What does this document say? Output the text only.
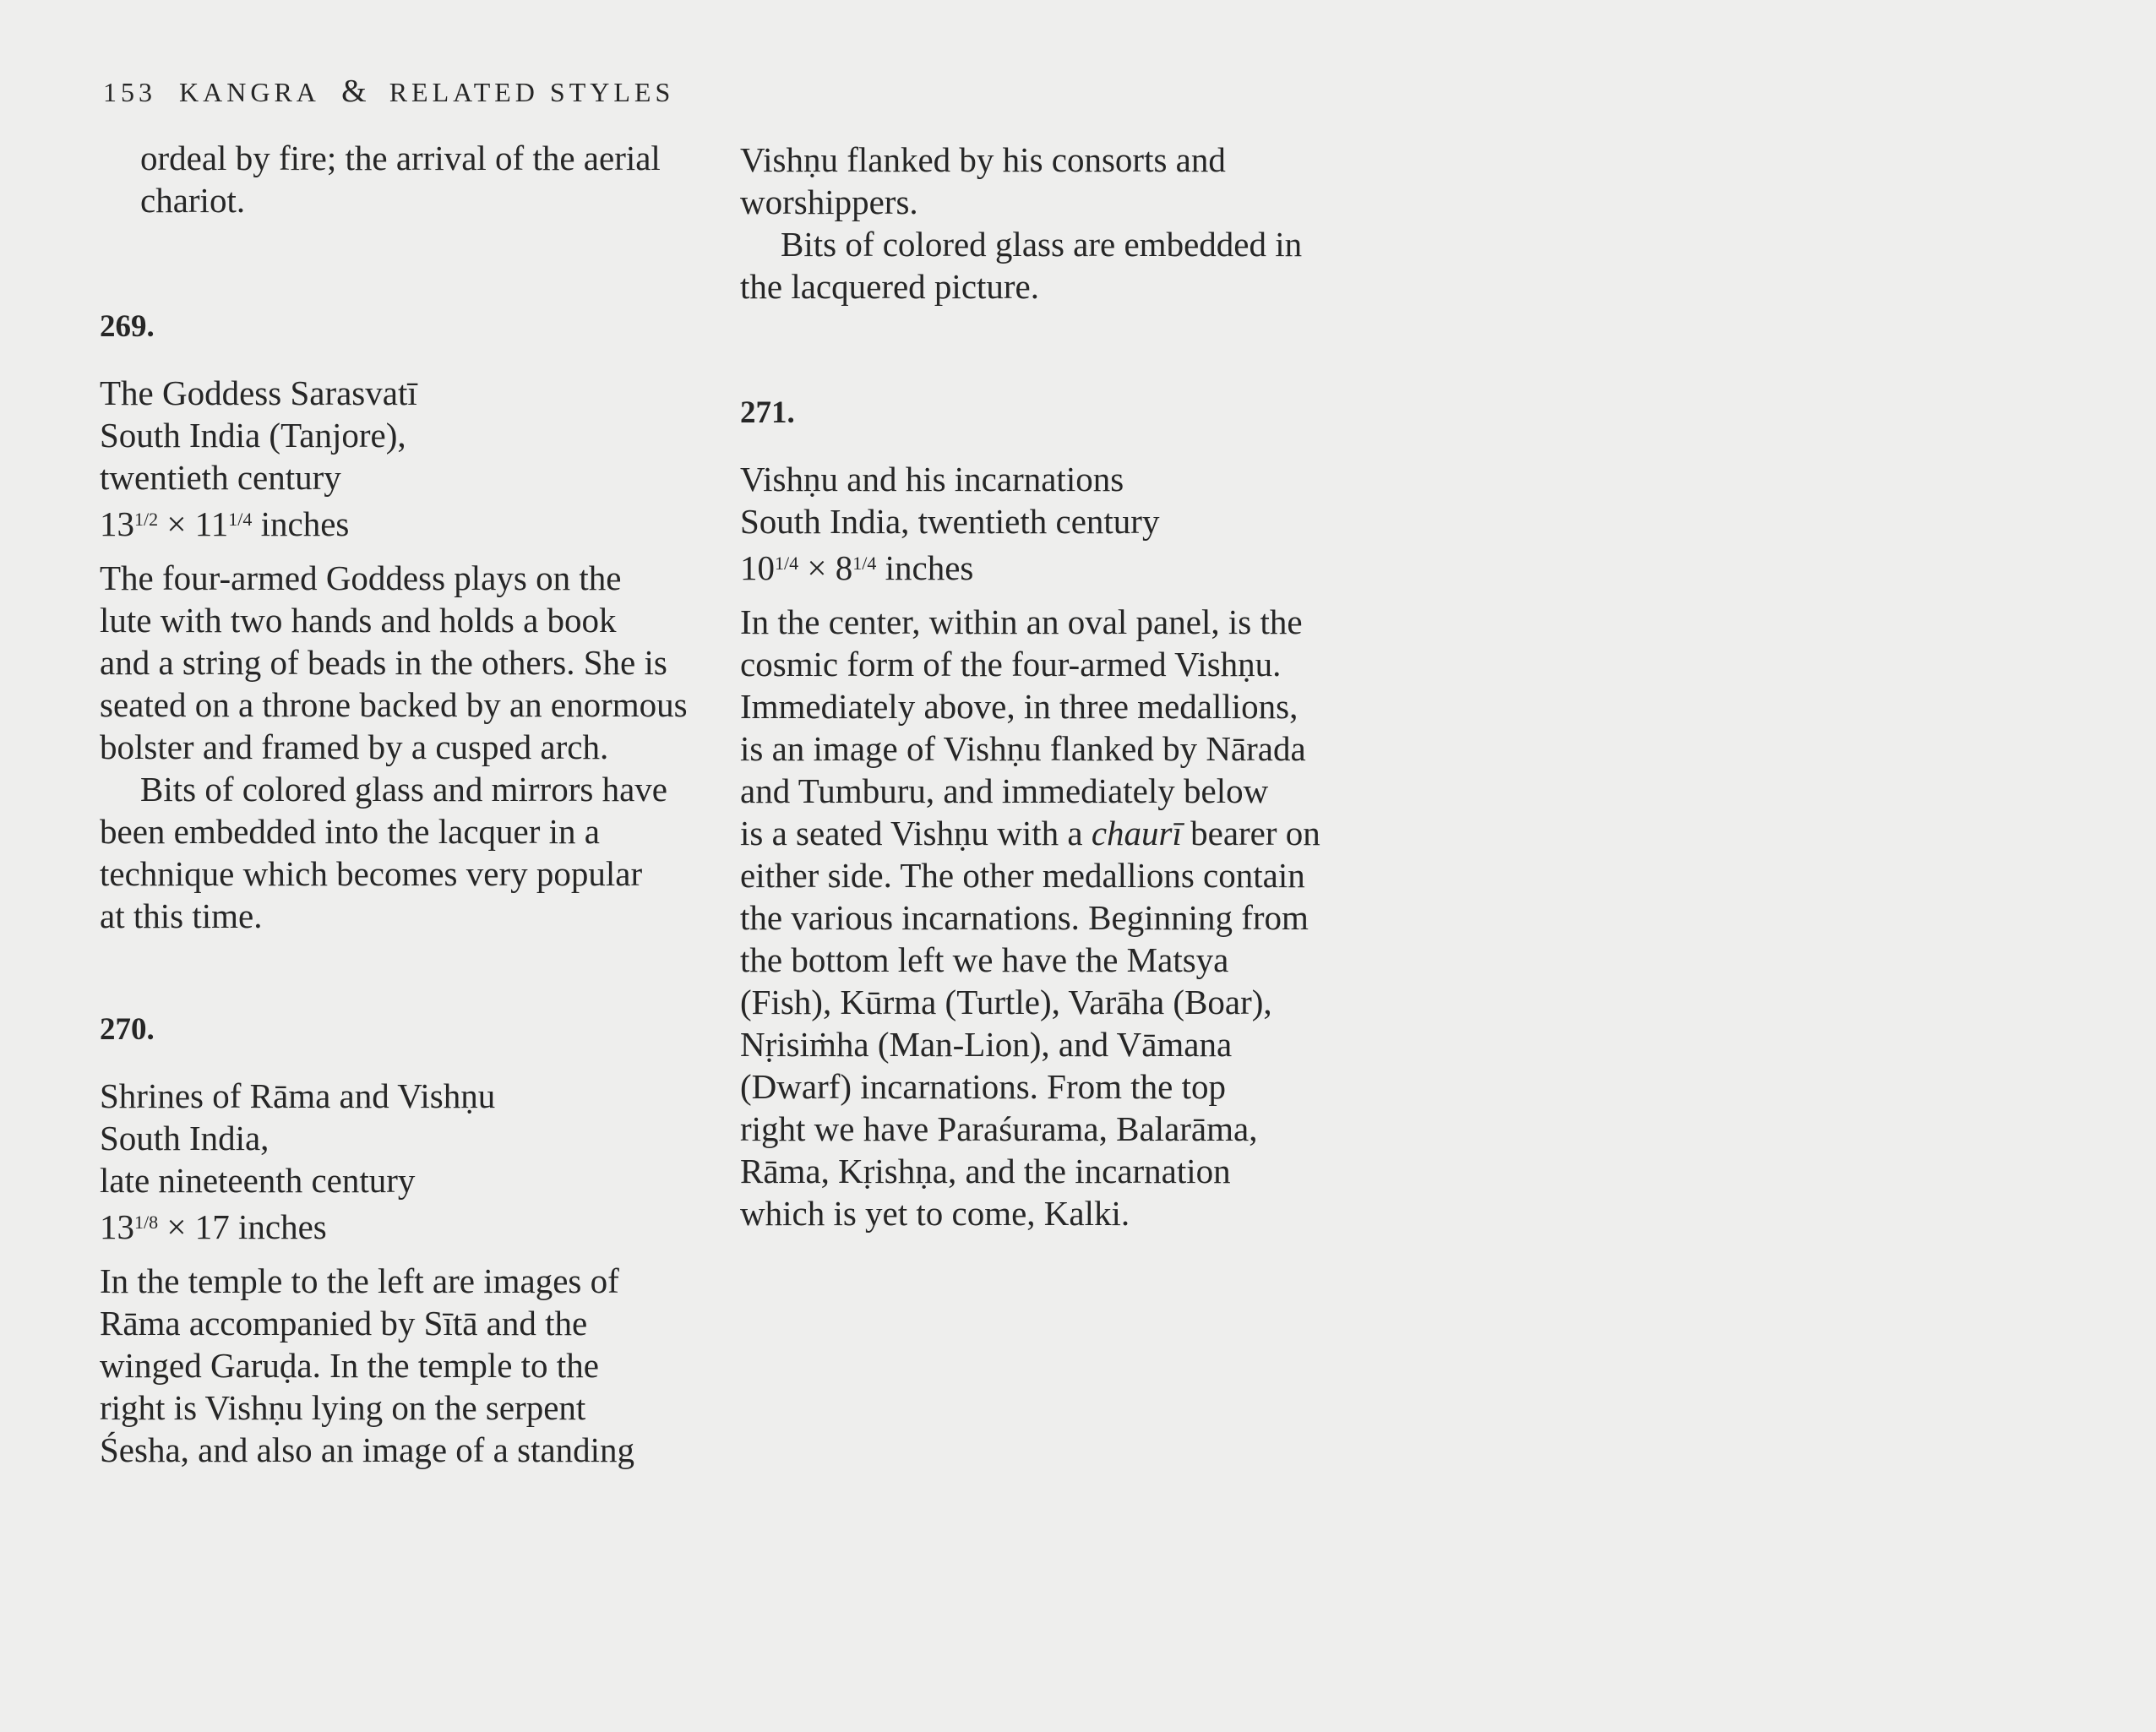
153 KANGRA & RELATED STYLES
ordeal by fire; the arrival of the aerial
chariot.
269.
The Goddess Sarasvatī
South India (Tanjore),
twentieth century
$13^{1/2} \times 11^{1/4}$ inches
The four-armed Goddess plays on the
lute with two hands and holds a book
and a string of beads in the others. She is
seated on a throne backed by an enormous
bolster and framed by a cusped arch.
Bits of colored glass and mirrors have
been embedded into the lacquer in a
technique which becomes very popular
at this time.
270.
Shrines of Rāma and Vishṇu
South India,
late nineteenth century
$13^{1/8} \times 17$ inches
In the temple to the left are images of
Rāma accompanied by Sītā and the
winged Garuḍa. In the temple to the
right is Vishṇu lying on the serpent
Śesha, and also an image of a standing
Vishṇu flanked by his consorts and
worshippers.
Bits of colored glass are embedded in
the lacquered picture.
271.
Vishṇu and his incarnations
South India, twentieth century
$10^{1/4} \times 8^{1/4}$ inches
In the center, within an oval panel, is the
cosmic form of the four-armed Vishṇu.
Immediately above, in three medallions,
is an image of Vishṇu flanked by Nārada
and Tumburu, and immediately below
is a seated Vishṇu with a chaurī bearer on
either side. The other medallions contain
the various incarnations. Beginning from
the bottom left we have the Matsya
(Fish), Kūrma (Turtle), Varāha (Boar),
Nṛisiṁha (Man-Lion), and Vāmana
(Dwarf) incarnations. From the top
right we have Paraśurama, Balarāma,
Rāma, Kṛishṇa, and the incarnation
which is yet to come, Kalki.
